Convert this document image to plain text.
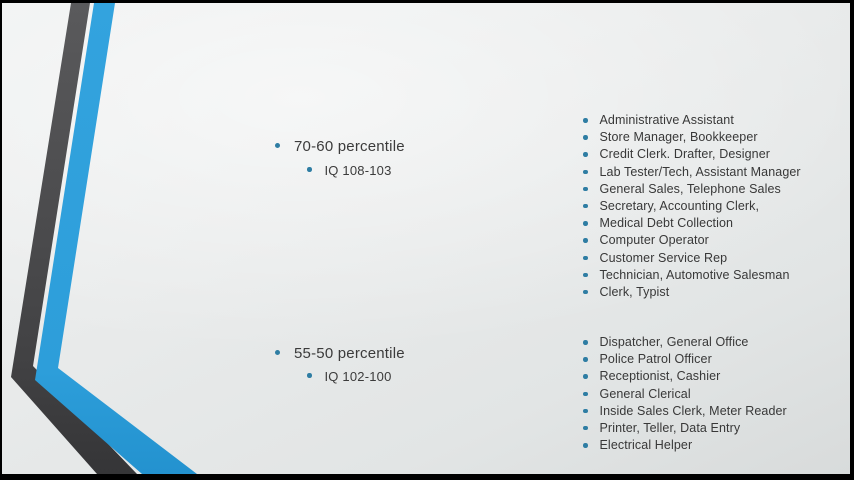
70-60 percentile
IQ 108-103
Administrative Assistant
Store Manager, Bookkeeper
Credit Clerk. Drafter, Designer
Lab Tester/Tech, Assistant Manager
General Sales, Telephone Sales
Secretary, Accounting Clerk,
Medical Debt Collection
Computer Operator
Customer Service Rep
Technician, Automotive Salesman
Clerk, Typist
55-50 percentile
IQ 102-100
Dispatcher, General Office
Police Patrol Officer
Receptionist, Cashier
General Clerical
Inside Sales Clerk, Meter Reader
Printer, Teller, Data Entry
Electrical Helper
